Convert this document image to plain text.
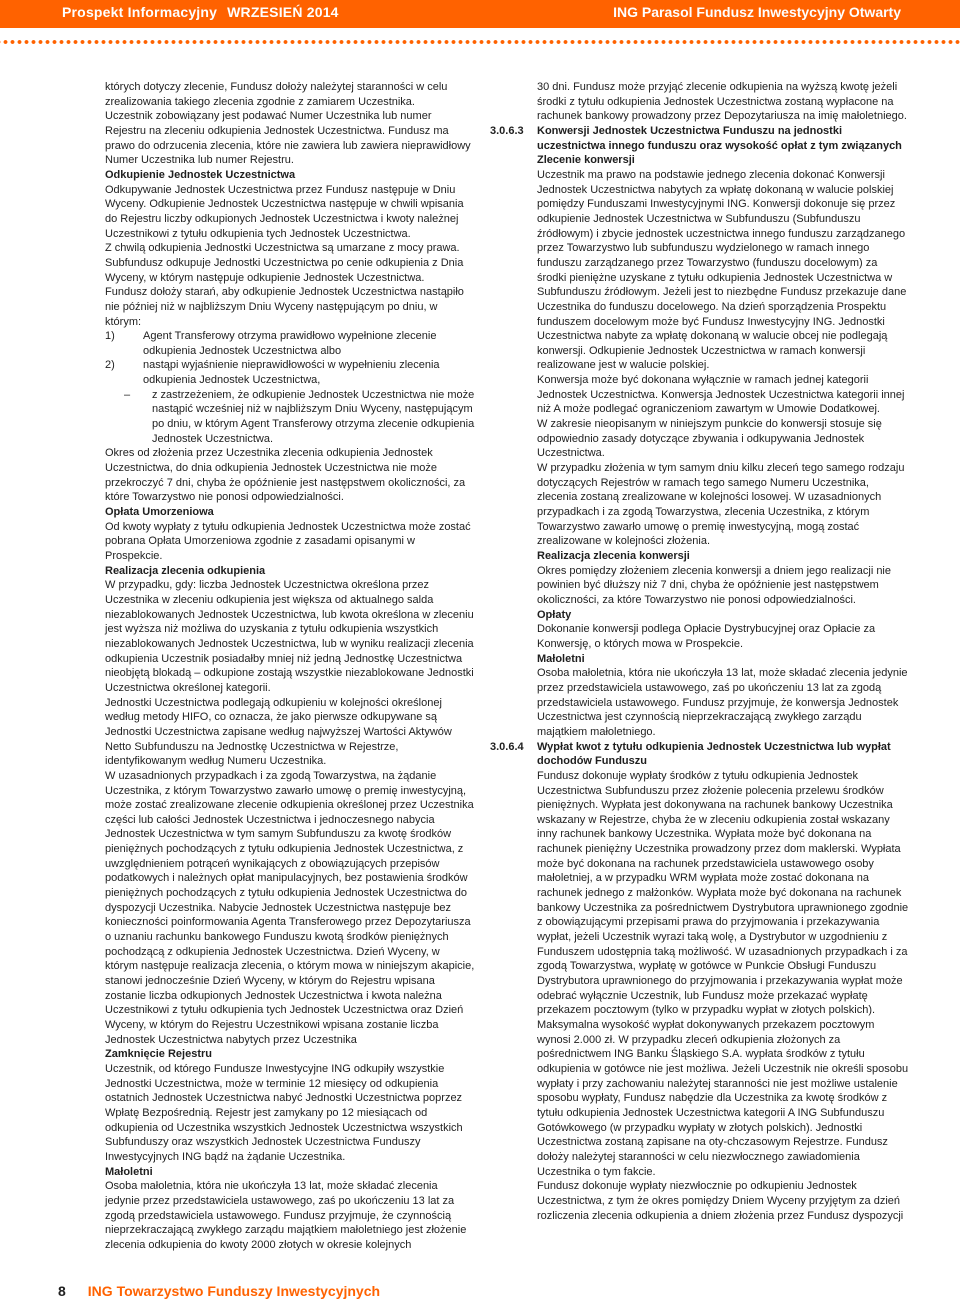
Prospekt Informacyjny WRZESIEŃ 2014	ING Parasol Fundusz Inwestycyjny Otwarty

których dotyczy zlecenie, Fundusz dołoży należytej staranności w celu zrealizowania takiego zlecenia zgodnie z zamiarem Uczestnika.

Uczestnik zobowiązany jest podawać Numer Uczestnika lub numer Rejestru na zleceniu odkupienia Jednostek Uczestnictwa. Fundusz ma prawo do odrzucenia zlecenia, które nie zawiera lub zawiera nieprawidłowy Numer Uczestnika lub numer Rejestru.

Odkupienie Jednostek Uczestnictwa

Odkupywanie Jednostek Uczestnictwa przez Fundusz następuje w Dniu Wyceny. Odkupienie Jednostek Uczestnictwa następuje w chwili wpisania do Rejestru liczby odkupionych Jednostek Uczestnictwa i kwoty należnej Uczestnikowi z tytułu odkupienia tych Jednostek Uczestnictwa.

Z chwilą odkupienia Jednostki Uczestnictwa są umarzane z mocy prawa.

Subfundusz odkupuje Jednostki Uczestnictwa po cenie odkupienia z Dnia Wyceny, w którym następuje odkupienie Jednostek Uczestnictwa.

Fundusz dołoży starań, aby odkupienie Jednostek Uczestnictwa nastąpiło nie później niż w najbliższym Dniu Wyceny następującym po dniu, w którym:

1)	Agent Transferowy otrzyma prawidłowo wypełnione zlecenie odkupienia Jednostek Uczestnictwa albo
2)	nastąpi wyjaśnienie nieprawidłowości w wypełnieniu zlecenia odkupienia Jednostek Uczestnictwa,
–	z zastrzeżeniem, że odkupienie Jednostek Uczestnictwa nie może nastąpić wcześniej niż w najbliższym Dniu Wyceny, następującym po dniu, w którym Agent Transferowy otrzyma zlecenie odkupienia Jednostek Uczestnictwa.

Okres od złożenia przez Uczestnika zlecenia odkupienia Jednostek Uczestnictwa, do dnia odkupienia Jednostek Uczestnictwa nie może przekroczyć 7 dni, chyba że opóźnienie jest następstwem okoliczności, za które Towarzystwo nie ponosi odpowiedzialności.

Opłata Umorzeniowa

Od kwoty wypłaty z tytułu odkupienia Jednostek Uczestnictwa może zostać pobrana Opłata Umorzeniowa zgodnie z zasadami opisanymi w Prospekcie.

Realizacja zlecenia odkupienia

W przypadku, gdy: liczba Jednostek Uczestnictwa określona przez Uczestnika w zleceniu odkupienia jest większa od aktualnego salda niezablokowanych Jednostek Uczestnictwa, lub kwota określona w zleceniu jest wyższa niż możliwa do uzyskania z tytułu odkupienia wszystkich niezablokowanych Jednostek Uczestnictwa, lub w wyniku realizacji zlecenia odkupienia Uczestnik posiadałby mniej niż jedną Jednostkę Uczestnictwa nieobjętą blokadą – odkupione zostają wszystkie niezablokowane Jednostki Uczestnictwa określonej kategorii.

Jednostki Uczestnictwa podlegają odkupieniu w kolejności określonej według metody HIFO, co oznacza, że jako pierwsze odkupywane są Jednostki Uczestnictwa zapisane według najwyższej Wartości Aktywów Netto Subfunduszu na Jednostkę Uczestnictwa w Rejestrze, identyfikowanym według Numeru Uczestnika.

W uzasadnionych przypadkach i za zgodą Towarzystwa, na żądanie Uczestnika, z którym Towarzystwo zawarło umowę o premię inwestycyjną, może zostać zrealizowane zlecenie odkupienia określonej przez Uczestnika części lub całości Jednostek Uczestnictwa i jednoczesnego nabycia Jednostek Uczestnictwa w tym samym Subfunduszu za kwotę środków pieniężnych pochodzących z tytułu odkupienia Jednostek Uczestnictwa, z uwzględnieniem potrąceń wynikających z obowiązujących przepisów podatkowych i należnych opłat manipulacyjnych, bez postawienia środków pieniężnych pochodzących z tytułu odkupienia Jednostek Uczestnictwa do dyspozycji Uczestnika. Nabycie Jednostek Uczestnictwa następuje bez konieczności poinformowania Agenta Transferowego przez Depozytariusza o uznaniu rachunku bankowego Funduszu kwotą środków pieniężnych pochodzącą z odkupienia Jednostek Uczestnictwa. Dzień Wyceny, w którym następuje realizacja zlecenia, o którym mowa w niniejszym akapicie, stanowi jednocześnie Dzień Wyceny, w którym do Rejestru wpisana zostanie liczba odkupionych Jednostek Uczestnictwa i kwota należna Uczestnikowi z tytułu odkupienia tych Jednostek Uczestnictwa oraz Dzień Wyceny, w którym do Rejestru Uczestnikowi wpisana zostanie liczba Jednostek Uczestnictwa nabytych przez Uczestnika

Zamknięcie Rejestru

Uczestnik, od którego Fundusze Inwestycyjne ING odkupiły wszystkie Jednostki Uczestnictwa, może w terminie 12 miesięcy od odkupienia ostatnich Jednostek Uczestnictwa nabyć Jednostki Uczestnictwa poprzez Wpłatę Bezpośrednią. Rejestr jest zamykany po 12 miesiącach od odkupienia od Uczestnika wszystkich Jednostek Uczestnictwa wszystkich Subfunduszy oraz wszystkich Jednostek Uczestnictwa Funduszy Inwestycyjnych ING bądź na żądanie Uczestnika.

Małoletni

Osoba małoletnia, która nie ukończyła 13 lat, może składać zlecenia jedynie przez przedstawiciela ustawowego, zaś po ukończeniu 13 lat za zgodą przedstawiciela ustawowego. Fundusz przyjmuje, że czynnością nieprzekraczającą zwykłego zarządu majątkiem małoletniego jest złożenie zlecenia odkupienia do kwoty 2000 złotych w okresie kolejnych

30 dni. Fundusz może przyjąć zlecenie odkupienia na wyższą kwotę jeżeli środki z tytułu odkupienia Jednostek Uczestnictwa zostaną wypłacone na rachunek bankowy prowadzony przez Depozytariusza na imię małoletniego.

3.0.6.3 Konwersji Jednostek Uczestnictwa Funduszu na jednostki uczestnictwa innego funduszu oraz wysokość opłat z tym związanych

Zlecenie konwersji

Uczestnik ma prawo na podstawie jednego zlecenia dokonać Konwersji Jednostek Uczestnictwa nabytych za wpłatę dokonaną w walucie polskiej pomiędzy Funduszami Inwestycyjnymi ING. Konwersji dokonuje się przez odkupienie Jednostek Uczestnictwa w Subfunduszu (Subfunduszu źródłowym) i zbycie jednostek uczestnictwa innego funduszu zarządzanego przez Towarzystwo lub subfunduszu wydzielonego w ramach innego funduszu zarządzanego przez Towarzystwo (funduszu docelowym) za środki pieniężne uzyskane z tytułu odkupienia Jednostek Uczestnictwa w Subfunduszu źródłowym. Jeżeli jest to niezbędne Fundusz przekazuje dane Uczestnika do funduszu docelowego. Na dzień sporządzenia Prospektu funduszem docelowym może być Fundusz Inwestycyjny ING. Jednostki Uczestnictwa nabyte za wpłatę dokonaną w walucie obcej nie podlegają konwersji. Odkupienie Jednostek Uczestnictwa w ramach konwersji realizowane jest w walucie polskiej.

Konwersja może być dokonana wyłącznie w ramach jednej kategorii Jednostek Uczestnictwa. Konwersja Jednostek Uczestnictwa kategorii innej niż A może podlegać ograniczeniom zawartym w Umowie Dodatkowej.

W zakresie nieopisanym w niniejszym punkcie do konwersji stosuje się odpowiednio zasady dotyczące zbywania i odkupywania Jednostek Uczestnictwa.

W przypadku złożenia w tym samym dniu kilku zleceń tego samego rodzaju dotyczących Rejestrów w ramach tego samego Numeru Uczestnika, zlecenia zostaną zrealizowane w kolejności losowej. W uzasadnionych przypadkach i za zgodą Towarzystwa, zlecenia Uczestnika, z którym Towarzystwo zawarło umowę o premię inwestycyjną, mogą zostać zrealizowane w kolejności złożenia.

Realizacja zlecenia konwersji

Okres pomiędzy złożeniem zlecenia konwersji a dniem jego realizacji nie powinien być dłuższy niż 7 dni, chyba że opóźnienie jest następstwem okoliczności, za które Towarzystwo nie ponosi odpowiedzialności.

Opłaty

Dokonanie konwersji podlega Opłacie Dystrybucyjnej oraz Opłacie za Konwersję, o których mowa w Prospekcie.

Małoletni

Osoba małoletnia, która nie ukończyła 13 lat, może składać zlecenia jedynie przez przedstawiciela ustawowego, zaś po ukończeniu 13 lat za zgodą przedstawiciela ustawowego. Fundusz przyjmuje, że konwersja Jednostek Uczestnictwa jest czynnością nieprzekraczającą zwykłego zarządu majątkiem małoletniego.

3.0.6.4 Wypłat kwot z tytułu odkupienia Jednostek Uczestnictwa lub wypłat dochodów Funduszu

Fundusz dokonuje wypłaty środków z tytułu odkupienia Jednostek Uczestnictwa Subfunduszu przez złożenie polecenia przelewu środków pieniężnych. Wypłata jest dokonywana na rachunek bankowy Uczestnika wskazany w Rejestrze, chyba że w zleceniu odkupienia został wskazany inny rachunek bankowy Uczestnika. Wypłata może być dokonana na rachunek pieniężny Uczestnika prowadzony przez dom maklerski. Wypłata może być dokonana na rachunek przedstawiciela ustawowego osoby małoletniej, a w przypadku WRM wypłata może zostać dokonana na rachunek jednego z małżonków. Wypłata może być dokonana na rachunek bankowy Uczestnika za pośrednictwem Dystrybutora uprawnionego zgodnie z obowiązującymi przepisami prawa do przyjmowania i przekazywania wypłat, jeżeli Uczestnik wyrazi taką wolę, a Dystrybutor w uzgodnieniu z Funduszem udostępnia taką możliwość. W uzasadnionych przypadkach i za zgodą Towarzystwa, wypłatę w gotówce w Punkcie Obsługi Funduszu Dystrybutora uprawnionego do przyjmowania i przekazywania wypłat może odebrać wyłącznie Uczestnik, lub Fundusz może przekazać wypłatę przekazem pocztowym (tylko w przypadku wypłat w złotych polskich). Maksymalna wysokość wypłat dokonywanych przekazem pocztowym wynosi 2.000 zł. W przypadku zleceń odkupienia złożonych za pośrednictwem ING Banku Śląskiego S.A. wypłata środków z tytułu odkupienia w gotówce nie jest możliwa. Jeżeli Uczestnik nie określi sposobu wypłaty i przy zachowaniu należytej staranności nie jest możliwe ustalenie sposobu wypłaty, Fundusz nabędzie dla Uczestnika za kwotę środków z tytułu odkupienia Jednostek Uczestnictwa kategorii A ING Subfunduszu Gotówkowego (w przypadku wypłaty w złotych polskich). Jednostki Uczestnictwa zostaną zapisane na oty-chczasowym Rejestrze. Fundusz dołoży należytej staranności w celu niezwłocznego zawiadomienia Uczestnika o tym fakcie.

Fundusz dokonuje wypłaty niezwłocznie po odkupieniu Jednostek Uczestnictwa, z tym że okres pomiędzy Dniem Wyceny przyjętym za dzień rozliczenia zlecenia odkupienia a dniem złożenia przez Fundusz dyspozycji

8 ING Towarzystwo Funduszy Inwestycyjnych
